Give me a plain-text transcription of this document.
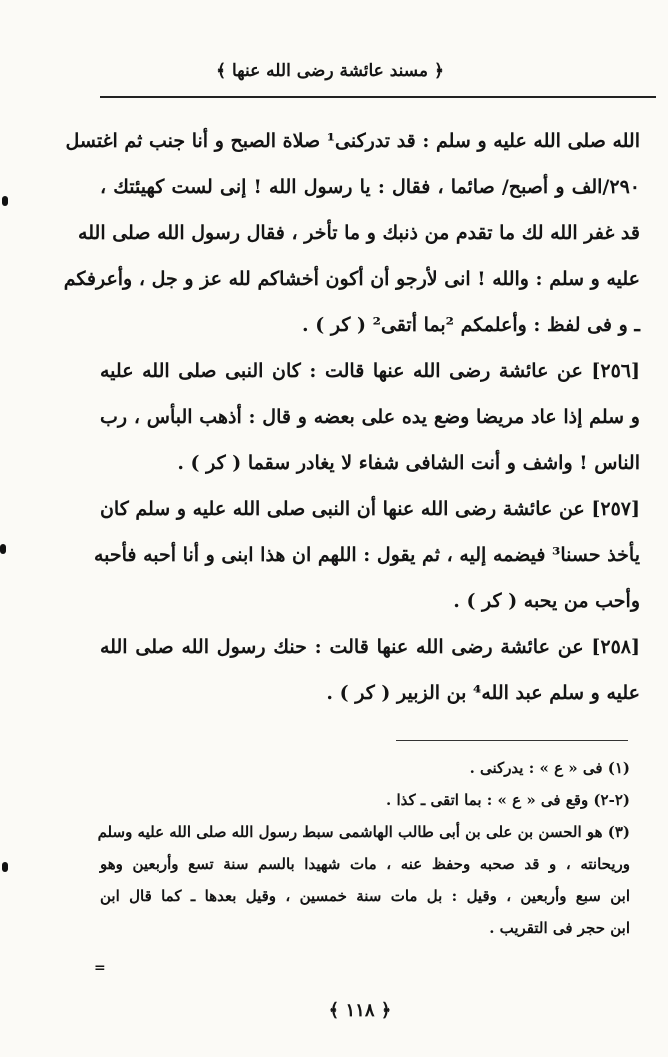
﴿ مسند عائشة رضى الله عنها ﴾
الله صلى الله عليه و سلم : قد تدركنى¹ صلاة الصبح و أنا جنب ثم اغتسل
٢٩٠/الف و أصبح/ صائما ، فقال : يا رسول الله ! إنى لست كهيئتك ،
قد غفر الله لك ما تقدم من ذنبك و ما تأخر ، فقال رسول الله صلى الله
عليه و سلم : والله ! انى لأرجو أن أكون أخشاكم لله عز و جل ، وأعرفكم
ـ و فى لفظ : وأعلمكم ²بما أتقى² ( كر ) .
[٢٥٦] عن عائشة رضى الله عنها قالت : كان النبى صلى الله عليه
و سلم إذا عاد مريضا وضع يده على بعضه و قال : أذهب البأس ، رب
الناس ! واشف و أنت الشافى شفاء لا يغادر سقما ( كر ) .
[٢٥٧] عن عائشة رضى الله عنها أن النبى صلى الله عليه و سلم كان
يأخذ حسنا³ فيضمه إليه ، ثم يقول : اللهم ان هذا ابنى و أنا أحبه فأحبه
وأحب من يحبه ( كر ) .
[٢٥٨] عن عائشة رضى الله عنها قالت : حنك رسول الله صلى الله
عليه و سلم عبد الله⁴ بن الزبير ( كر ) .
(١) فى « ع » : يدركنى .
(٢-٢) وقع فى « ع » : بما اتقى ـ كذا .
(٣) هو الحسن بن على بن أبى طالب الهاشمى سبط رسول الله صلى الله عليه وسلم
وريحانته ، و قد صحبه وحفظ عنه ، مات شهيدا بالسم سنة تسع وأربعين وهو
ابن سبع وأربعين ، وقيل : بل مات سنة خمسين ، وقيل بعدها ـ كما قال ابن
ابن حجر فى التقريب .
﴿ ١١٨ ﴾
=
